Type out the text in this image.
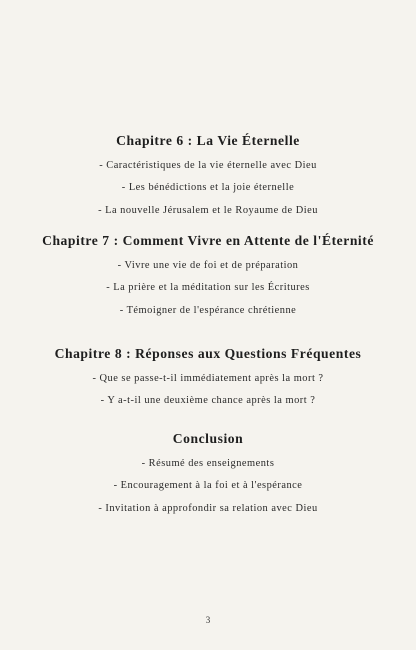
Chapitre 6 : La Vie Éternelle
- Caractéristiques de la vie éternelle avec Dieu
- Les bénédictions et la joie éternelle
- La nouvelle Jérusalem et le Royaume de Dieu
Chapitre 7 : Comment Vivre en Attente de l'Éternité
- Vivre une vie de foi et de préparation
- La prière et la méditation sur les Écritures
- Témoigner de l'espérance chrétienne
Chapitre 8 : Réponses aux Questions Fréquentes
- Que se passe-t-il immédiatement après la mort ?
- Y a-t-il une deuxième chance après la mort ?
Conclusion
- Résumé des enseignements
- Encouragement à la foi et à l'espérance
- Invitation à approfondir sa relation avec Dieu
3
